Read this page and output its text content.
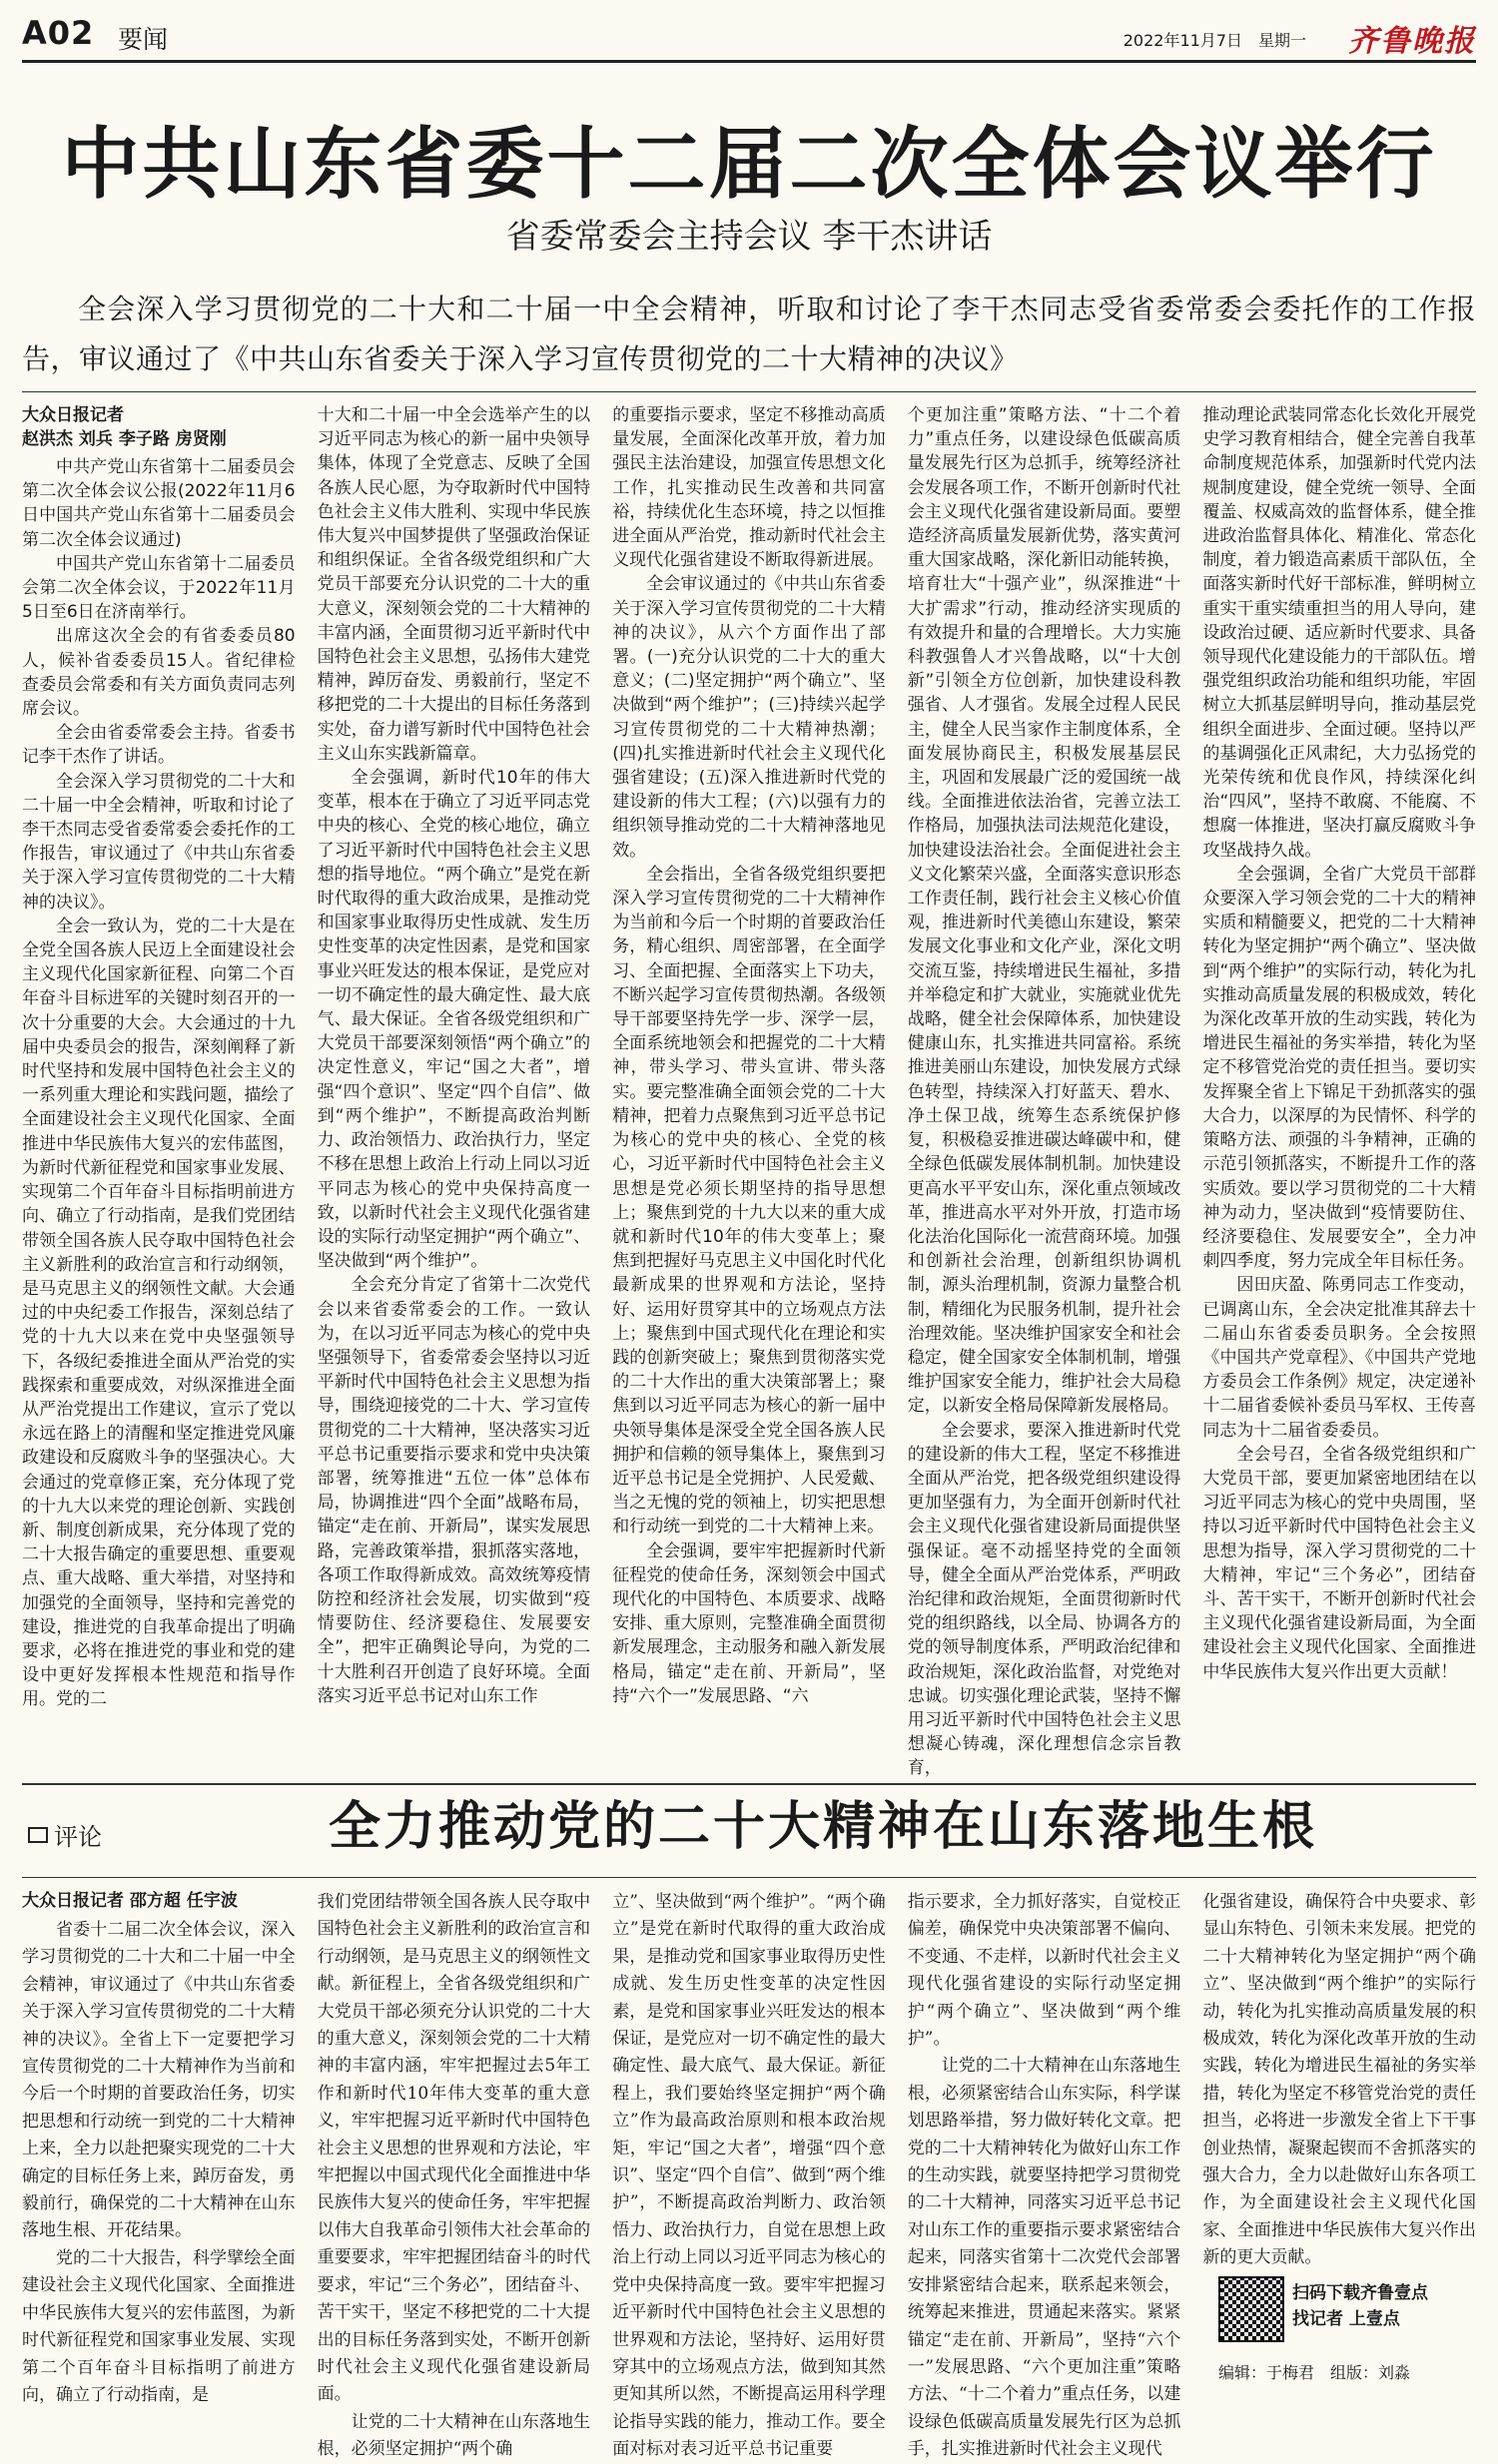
A02 要闻	2022年11月7日　星期一 齐鲁晚报
中共山东省委十二届二次全体会议举行
省委常委会主持会议 李干杰讲话
全会深入学习贯彻党的二十大和二十届一中全会精神，听取和讨论了李干杰同志受省委常委会委托作的工作报告，审议通过了《中共山东省委关于深入学习宣传贯彻党的二十大精神的决议》
大众日报记者
赵洪杰 刘兵 李子路 房贤刚

中共产党山东省第十二届委员会第二次全体会议公报(2022年11月6日中国共产党山东省第十二届委员会第二次全体会议通过)

中国共产党山东省第十二届委员会第二次全体会议，于2022年11月5日至6日在济南举行。

出席这次全会的有省委委员80人，候补省委委员15人。省纪律检查委员会常委和有关方面负责同志列席会议。

全会由省委常委会主持。省委书记李干杰作了讲话。

全会深入学习贯彻党的二十大和二十届一中全会精神，听取和讨论了李干杰同志受省委常委会委托作的工作报告，审议通过了《中共山东省委关于深入学习宣传贯彻党的二十大精神的决议》。

全会一致认为，党的二十大是在全党全国各族人民迈上全面建设社会主义现代化国家新征程、向第二个百年奋斗目标进军的关键时刻召开的一次十分重要的大会。大会通过的十九届中央委员会的报告，深刻阐释了新时代坚持和发展中国特色社会主义的一系列重大理论和实践问题，描绘了全面建设社会主义现代化国家、全面推进中华民族伟大复兴的宏伟蓝图，为新时代新征程党和国家事业发展、实现第二个百年奋斗目标指明前进方向、确立了行动指南，是我们党团结带领全国各族人民夺取中国特色社会主义新胜利的政治宣言和行动纲领，是马克思主义的纲领性文献。大会通过的中央纪委工作报告，深刻总结了党的十九大以来在党中央坚强领导下，各级纪委推进全面从严治党的实践探索和重要成效，对纵深推进全面从严治党提出工作建议，宣示了党以永远在路上的清醒和坚定推进党风廉政建设和反腐败斗争的坚强决心。大会通过的党章修正案，充分体现了党的十九大以来党的理论创新、实践创新、制度创新成果，充分体现了党的二十大报告确定的重要思想、重要观点、重大战略、重大举措，对坚持和加强党的全面领导，坚持和完善党的建设，推进党的自我革命提出了明确要求，必将在推进党的事业和党的建设中更好发挥根本性规范和指导作用。党的二

十大和二十届一中全会选举产生的以习近平同志为核心的新一届中央领导集体，体现了全党意志、反映了全国各族人民心愿，为夺取新时代中国特色社会主义伟大胜利、实现中华民族伟大复兴中国梦提供了坚强政治保证和组织保证。全省各级党组织和广大党员干部要充分认识党的二十大的重大意义，深刻领会党的二十大精神的丰富内涵，全面贯彻习近平新时代中国特色社会主义思想，弘扬伟大建党精神，踔厉奋发、勇毅前行，坚定不移把党的二十大提出的目标任务落到实处，奋力谱写新时代中国特色社会主义山东实践新篇章。

全会强调，新时代10年的伟大变革，根本在于确立了习近平同志党中央的核心、全党的核心地位，确立了习近平新时代中国特色社会主义思想的指导地位。“两个确立”是党在新时代取得的重大政治成果，是推动党和国家事业取得历史性成就、发生历史性变革的决定性因素，是党和国家事业兴旺发达的根本保证，是党应对一切不确定性的最大确定性、最大底气、最大保证。全省各级党组织和广大党员干部要深刻领悟“两个确立”的决定性意义，牢记“国之大者”，增强“四个意识”、坚定“四个自信”、做到“两个维护”，不断提高政治判断力、政治领悟力、政治执行力，坚定不移在思想上政治上行动上同以习近平同志为核心的党中央保持高度一致，以新时代社会主义现代化强省建设的实际行动坚定拥护“两个确立”、坚决做到“两个维护”。

全会充分肯定了省第十二次党代会以来省委常委会的工作。一致认为，在以习近平同志为核心的党中央坚强领导下，省委常委会坚持以习近平新时代中国特色社会主义思想为指导，围绕迎接党的二十大、学习宣传贯彻党的二十大精神，坚决落实习近平总书记重要指示要求和党中央决策部署，统筹推进“五位一体”总体布局，协调推进“四个全面”战略布局，锚定“走在前、开新局”，谋实发展思路，完善政策举措，狠抓落实落地，各项工作取得新成效。高效统筹疫情防控和经济社会发展，切实做到“疫情要防住、经济要稳住、发展要安全”，把牢正确舆论导向，为党的二十大胜利召开创造了良好环境。全面落实习近平总书记对山东工作

的重要指示要求，坚定不移推动高质量发展，全面深化改革开放，着力加强民主法治建设，加强宣传思想文化工作，扎实推动民生改善和共同富裕，持续优化生态环境，持之以恒推进全面从严治党，推动新时代社会主义现代化强省建设不断取得新进展。

全会审议通过的《中共山东省委关于深入学习宣传贯彻党的二十大精神的决议》，从六个方面作出了部署。(一)充分认识党的二十大的重大意义；(二)坚定拥护“两个确立”、坚决做到“两个维护”；(三)持续兴起学习宣传贯彻党的二十大精神热潮；(四)扎实推进新时代社会主义现代化强省建设；(五)深入推进新时代党的建设新的伟大工程；(六)以强有力的组织领导推动党的二十大精神落地见效。

全会指出，全省各级党组织要把深入学习宣传贯彻党的二十大精神作为当前和今后一个时期的首要政治任务，精心组织、周密部署，在全面学习、全面把握、全面落实上下功夫，不断兴起学习宣传贯彻热潮。各级领导干部要坚持先学一步、深学一层，全面系统地领会和把握党的二十大精神，带头学习、带头宣讲、带头落实。要完整准确全面领会党的二十大精神，把着力点聚焦到习近平总书记为核心的党中央的核心、全党的核心，习近平新时代中国特色社会主义思想是党必须长期坚持的指导思想上；聚焦到党的十九大以来的重大成就和新时代10年的伟大变革上；聚焦到把握好马克思主义中国化时代化最新成果的世界观和方法论，坚持好、运用好贯穿其中的立场观点方法上；聚焦到中国式现代化在理论和实践的创新突破上；聚焦到贯彻落实党的二十大作出的重大决策部署上；聚焦到以习近平同志为核心的新一届中央领导集体是深受全党全国各族人民拥护和信赖的领导集体上，聚焦到习近平总书记是全党拥护、人民爱戴、当之无愧的党的领袖上，切实把思想和行动统一到党的二十大精神上来。

全会强调，要牢牢把握新时代新征程党的使命任务，深刻领会中国式现代化的中国特色、本质要求、战略安排、重大原则，完整准确全面贯彻新发展理念，主动服务和融入新发展格局，锚定“走在前、开新局”，坚持“六个一”发展思路、“六

个更加注重”策略方法、“十二个着力”重点任务，以建设绿色低碳高质量发展先行区为总抓手，统筹经济社会发展各项工作，不断开创新时代社会主义现代化强省建设新局面。要塑造经济高质量发展新优势，落实黄河重大国家战略，深化新旧动能转换，培育壮大“十强产业”，纵深推进“十大扩需求”行动，推动经济实现质的有效提升和量的合理增长。大力实施科教强鲁人才兴鲁战略，以“十大创新”引领全方位创新，加快建设科教强省、人才强省。发展全过程人民民主，健全人民当家作主制度体系，全面发展协商民主，积极发展基层民主，巩固和发展最广泛的爱国统一战线。全面推进依法治省，完善立法工作格局，加强执法司法规范化建设，加快建设法治社会。全面促进社会主义文化繁荣兴盛，全面落实意识形态工作责任制，践行社会主义核心价值观，推进新时代美德山东建设，繁荣发展文化事业和文化产业，深化文明交流互鉴，持续增进民生福祉，多措并举稳定和扩大就业，实施就业优先战略，健全社会保障体系，加快建设健康山东，扎实推进共同富裕。系统推进美丽山东建设，加快发展方式绿色转型，持续深入打好蓝天、碧水、净土保卫战，统筹生态系统保护修复，积极稳妥推进碳达峰碳中和，健全绿色低碳发展体制机制。加快建设更高水平平安山东，深化重点领域改革，推进高水平对外开放，打造市场化法治化国际化一流营商环境。加强和创新社会治理，创新组织协调机制，源头治理机制，资源力量整合机制，精细化为民服务机制，提升社会治理效能。坚决维护国家安全和社会稳定，健全国家安全体制机制，增强维护国家安全能力，维护社会大局稳定，以新安全格局保障新发展格局。

全会要求，要深入推进新时代党的建设新的伟大工程，坚定不移推进全面从严治党，把各级党组织建设得更加坚强有力，为全面开创新时代社会主义现代化强省建设新局面提供坚强保证。毫不动摇坚持党的全面领导，健全全面从严治党体系，严明政治纪律和政治规矩，全面贯彻新时代党的组织路线，以全局、协调各方的党的领导制度体系，严明政治纪律和政治规矩，深化政治监督，对党绝对忠诚。切实强化理论武装，坚持不懈用习近平新时代中国特色社会主义思想凝心铸魂，深化理想信念宗旨教育，

推动理论武装同常态化长效化开展党史学习教育相结合，健全完善自我革命制度规范体系，加强新时代党内法规制度建设，健全党统一领导、全面覆盖、权威高效的监督体系，健全推进政治监督具体化、精准化、常态化制度，着力锻造高素质干部队伍，全面落实新时代好干部标准，鲜明树立重实干重实绩重担当的用人导向，建设政治过硬、适应新时代要求、具备领导现代化建设能力的干部队伍。增强党组织政治功能和组织功能，牢固树立大抓基层鲜明导向，推动基层党组织全面进步、全面过硬。坚持以严的基调强化正风肃纪，大力弘扬党的光荣传统和优良作风，持续深化纠治“四风”，坚持不敢腐、不能腐、不想腐一体推进，坚决打赢反腐败斗争攻坚战持久战。

全会强调，全省广大党员干部群众要深入学习领会党的二十大的精神实质和精髓要义，把党的二十大精神转化为坚定拥护“两个确立”、坚决做到“两个维护”的实际行动，转化为扎实推动高质量发展的积极成效，转化为深化改革开放的生动实践，转化为增进民生福祉的务实举措，转化为坚定不移管党治党的责任担当。要切实发挥聚全省上下锦足干劲抓落实的强大合力，以深厚的为民情怀、科学的策略方法、顽强的斗争精神，正确的示范引领抓落实，不断提升工作的落实质效。要以学习贯彻党的二十大精神为动力，坚决做到“疫情要防住、经济要稳住、发展要安全”，全力冲刺四季度，努力完成全年目标任务。

因田庆盈、陈勇同志工作变动，已调离山东，全会决定批准其辞去十二届山东省委委员职务。全会按照《中国共产党章程》、《中国共产党地方委员会工作条例》规定，决定递补十二届省委候补委员马军权、王传喜同志为十二届省委委员。

全会号召，全省各级党组织和广大党员干部，要更加紧密地团结在以习近平同志为核心的党中央周围，坚持以习近平新时代中国特色社会主义思想为指导，深入学习贯彻党的二十大精神，牢记“三个务必”，团结奋斗、苦干实干，不断开创新时代社会主义现代化强省建设新局面，为全面建设社会主义现代化国家、全面推进中华民族伟大复兴作出更大贡献！

评论	全力推动党的二十大精神在山东落地生根
大众日报记者 邵方超 任宇波

省委十二届二次全体会议，深入学习贯彻党的二十大和二十届一中全会精神，审议通过了《中共山东省委关于深入学习宣传贯彻党的二十大精神的决议》。全省上下一定要把学习宣传贯彻党的二十大精神作为当前和今后一个时期的首要政治任务，切实把思想和行动统一到党的二十大精神上来，全力以赴把聚实现党的二十大确定的目标任务上来，踔厉奋发，勇毅前行，确保党的二十大精神在山东落地生根、开花结果。

党的二十大报告，科学擘绘全面建设社会主义现代化国家、全面推进中华民族伟大复兴的宏伟蓝图，为新时代新征程党和国家事业发展、实现第二个百年奋斗目标指明了前进方向，确立了行动指南，是

我们党团结带领全国各族人民夺取中国特色社会主义新胜利的政治宣言和行动纲领，是马克思主义的纲领性文献。新征程上，全省各级党组织和广大党员干部必须充分认识党的二十大的重大意义，深刻领会党的二十大精神的丰富内涵，牢牢把握过去5年工作和新时代10年伟大变革的重大意义，牢牢把握习近平新时代中国特色社会主义思想的世界观和方法论，牢牢把握以中国式现代化全面推进中华民族伟大复兴的使命任务，牢牢把握以伟大自我革命引领伟大社会革命的重要要求，牢牢把握团结奋斗的时代要求，牢记“三个务必”，团结奋斗、苦干实干，坚定不移把党的二十大提出的目标任务落到实处，不断开创新时代社会主义现代化强省建设新局面。

让党的二十大精神在山东落地生根，必须坚定拥护“两个确

立”、坚决做到“两个维护”。“两个确立”是党在新时代取得的重大政治成果，是推动党和国家事业取得历史性成就、发生历史性变革的决定性因素，是党和国家事业兴旺发达的根本保证，是党应对一切不确定性的最大确定性、最大底气、最大保证。新征程上，我们要始终坚定拥护“两个确立”作为最高政治原则和根本政治规矩，牢记“国之大者”，增强“四个意识”、坚定“四个自信”、做到“两个维护”，不断提高政治判断力、政治领悟力、政治执行力，自觉在思想上政治上行动上同以习近平同志为核心的党中央保持高度一致。要牢牢把握习近平新时代中国特色社会主义思想的世界观和方法论，坚持好、运用好贯穿其中的立场观点方法，做到知其然更知其所以然，不断提高运用科学理论指导实践的能力，推动工作。要全面对标对表习近平总书记重要

指示要求，全力抓好落实，自觉校正偏差，确保党中央决策部署不偏向、不变通、不走样，以新时代社会主义现代化强省建设的实际行动坚定拥护“两个确立”、坚决做到“两个维护”。

让党的二十大精神在山东落地生根，必须紧密结合山东实际，科学谋划思路举措，努力做好转化文章。把党的二十大精神转化为做好山东工作的生动实践，就要坚持把学习贯彻党的二十大精神，同落实习近平总书记对山东工作的重要指示要求紧密结合起来，同落实省第十二次党代会部署安排紧密结合起来，联系起来领会，统筹起来推进，贯通起来落实。紧紧锚定“走在前、开新局”，坚持“六个一”发展思路、“六个更加注重”策略方法、“十二个着力”重点任务，以建设绿色低碳高质量发展先行区为总抓手，扎实推进新时代社会主义现代

化强省建设，确保符合中央要求、彰显山东特色、引领未来发展。把党的二十大精神转化为坚定拥护“两个确立”、坚决做到“两个维护”的实际行动，转化为扎实推动高质量发展的积极成效，转化为深化改革开放的生动实践，转化为增进民生福祉的务实举措，转化为坚定不移管党治党的责任担当，必将进一步激发全省上下干事创业热情，凝聚起锲而不舍抓落实的强大合力，全力以赴做好山东各项工作，为全面建设社会主义现代化国家、全面推进中华民族伟大复兴作出新的更大贡献。

扫码下载齐鲁壹点
找记者 上壹点
编辑：于梅君　组版：刘淼
